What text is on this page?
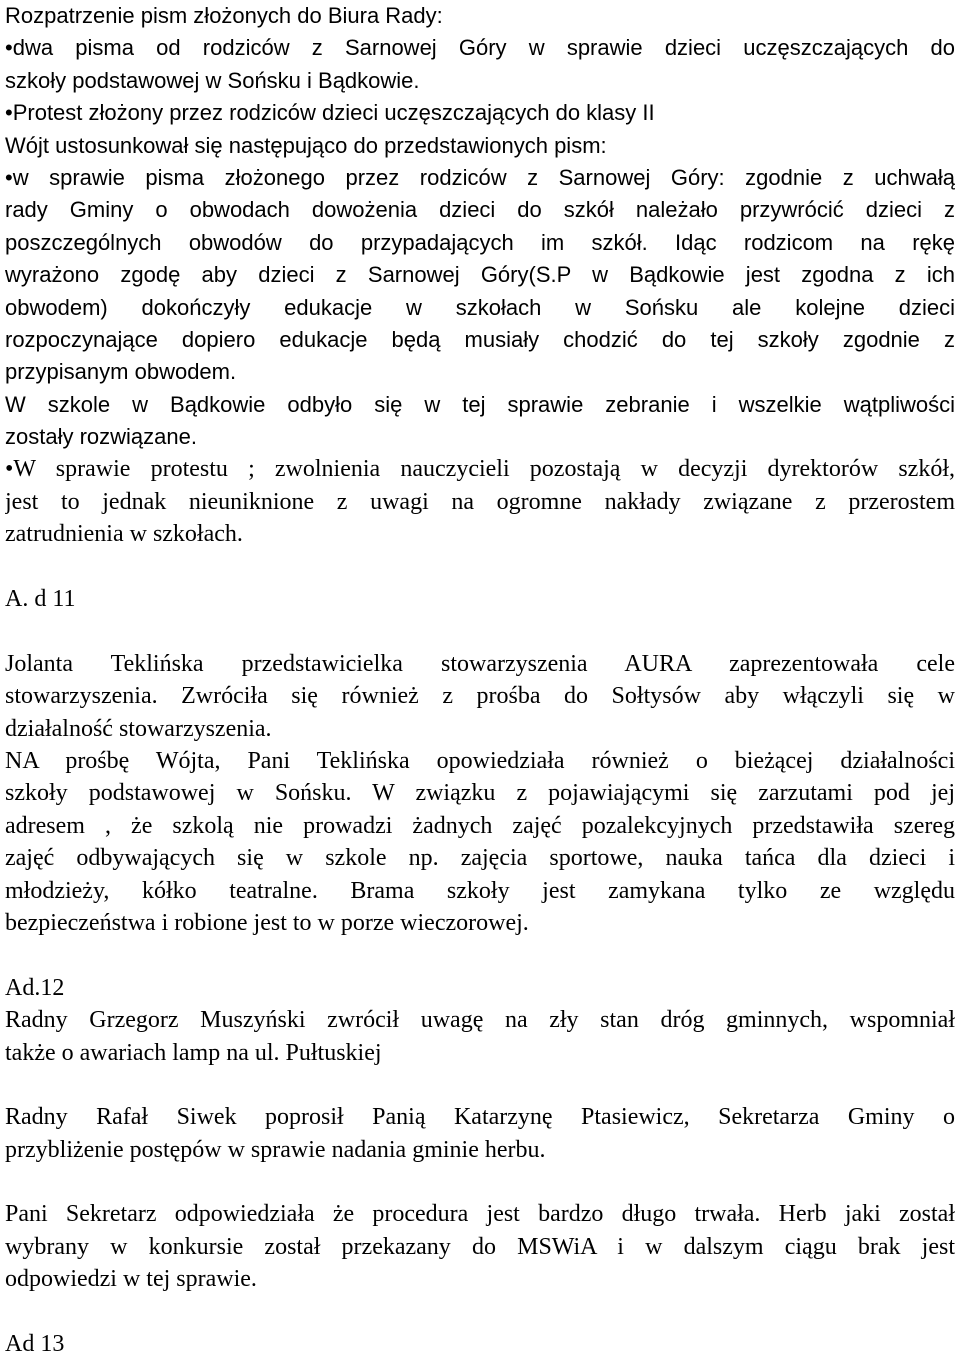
Rozpatrzenie pism złożonych do Biura Rady:
•dwa pisma od rodziców z Sarnowej Góry w sprawie dzieci uczęszczających do
szkoły podstawowej w Sońsku i Bądkowie.
•Protest złożony przez rodziców dzieci uczęszczających do klasy II
Wójt ustosunkował się następująco do przedstawionych pism:
•w sprawie pisma złożonego przez rodziców z Sarnowej Góry: zgodnie z uchwałą
rady Gminy o obwodach dowożenia dzieci do szkół należało przywrócić dzieci z
poszczególnych obwodów do przypadających im szkół. Idąc rodzicom na rękę
wyrażono zgodę aby dzieci z Sarnowej Góry(S.P w Bądkowie jest zgodna z ich
obwodem) dokończyły edukacje w szkołach w Sońsku ale kolejne dzieci
rozpoczynające dopiero edukacje będą musiały chodzić do tej szkoły zgodnie z
przypisanym obwodem.
W szkole w Bądkowie odbyło się w tej sprawie zebranie i wszelkie wątpliwości
zostały rozwiązane.
•W sprawie protestu ; zwolnienia nauczycieli pozostają w decyzji dyrektorów szkół,
jest to jednak nieuniknione z uwagi na ogromne nakłady związane z przerostem
zatrudnienia w szkołach.
A. d 11
Jolanta Teklińska przedstawicielka stowarzyszenia AURA zaprezentowała cele
stowarzyszenia. Zwróciła się również z prośba do Sołtysów aby włączyli się w
działalność stowarzyszenia.
NA prośbę Wójta, Pani Teklińska opowiedziała również o bieżącej działalności
szkoły podstawowej w Sońsku. W związku z pojawiającymi się zarzutami pod jej
adresem , że szkolą nie prowadzi żadnych zajęć pozalekcyjnych przedstawiła szereg
zajęć odbywających się w szkole np. zajęcia sportowe, nauka tańca dla dzieci i
młodzieży, kółko teatralne. Brama szkoły jest zamykana tylko ze względu
bezpieczeństwa i robione jest to w porze wieczorowej.
Ad.12
Radny Grzegorz Muszyński zwrócił uwagę na zły stan dróg gminnych, wspomniał
także o awariach lamp na ul. Pułtuskiej
Radny Rafał Siwek poprosił Panią Katarzynę Ptasiewicz, Sekretarza Gminy o
przybliżenie postępów w sprawie nadania gminie herbu.
Pani Sekretarz odpowiedziała że procedura jest bardzo długo trwała. Herb jaki został
wybrany w konkursie został przekazany do MSWiA i w dalszym ciągu brak jest
odpowiedzi w tej sprawie.
Ad 13
